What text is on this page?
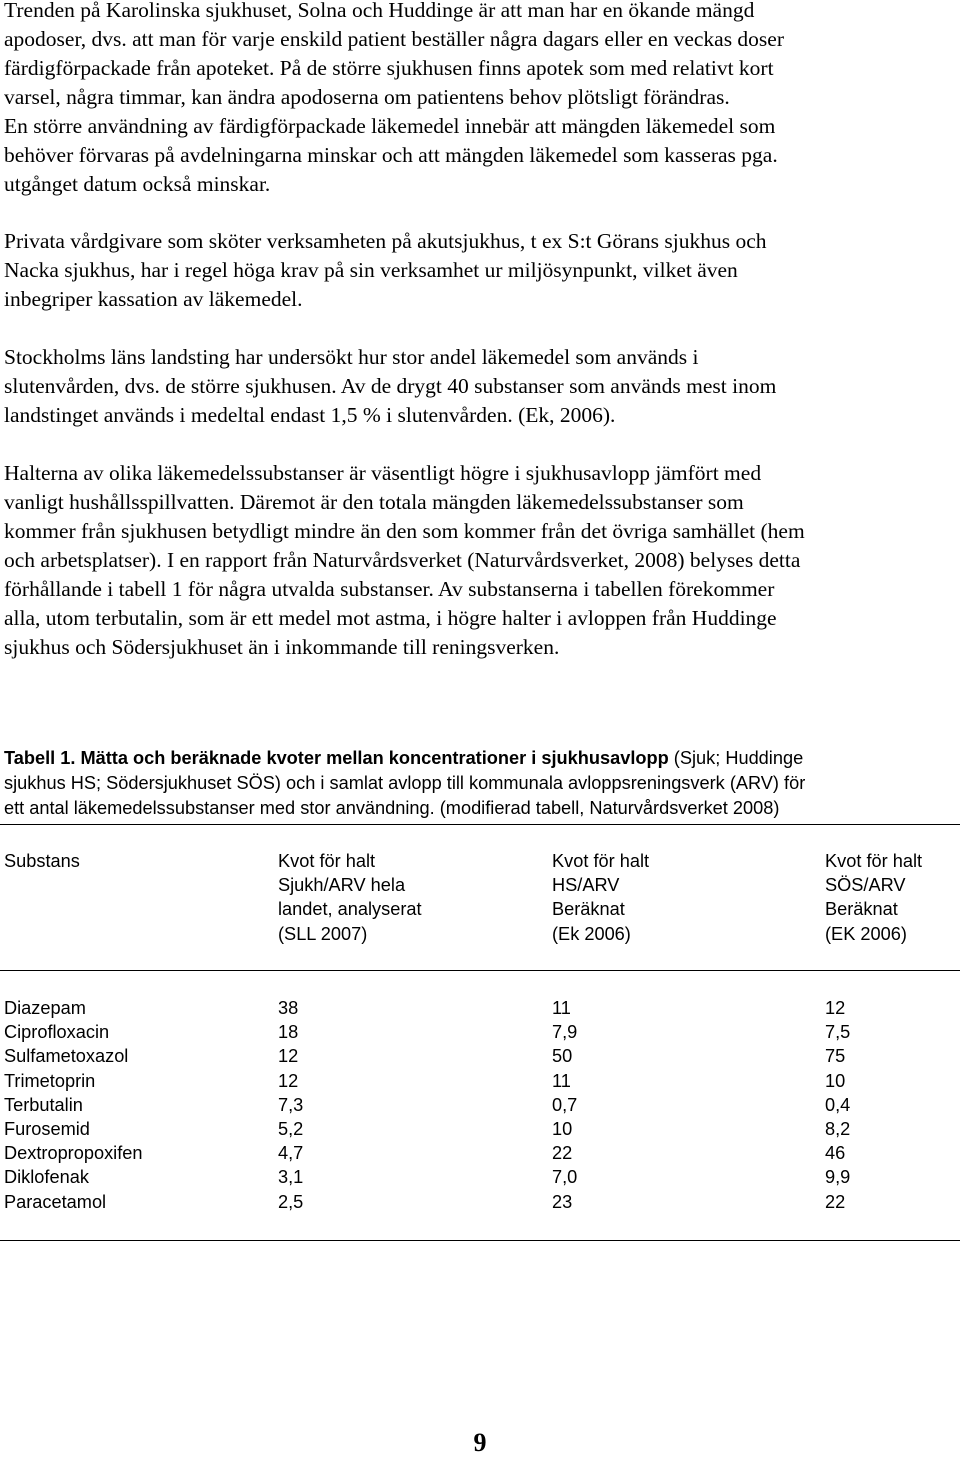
Trenden på Karolinska sjukhuset, Solna och Huddinge är att man har en ökande mängd
apodoser, dvs. att man för varje enskild patient beställer några dagars eller en veckas doser
färdigförpackade från apoteket. På de större sjukhusen finns apotek som med relativt kort
varsel, några timmar, kan ändra apodoserna om patientens behov plötsligt förändras.
En större användning av färdigförpackade läkemedel innebär att mängden läkemedel som
behöver förvaras på avdelningarna minskar och att mängden läkemedel som kasseras pga.
utgånget datum också minskar.

Privata vårdgivare som sköter verksamheten på akutsjukhus, t ex S:t Görans sjukhus och
Nacka sjukhus, har i regel höga krav på sin verksamhet ur miljösynpunkt, vilket även
inbegriper kassation av läkemedel.

Stockholms läns landsting har undersökt hur stor andel läkemedel som används i
slutenvården, dvs. de större sjukhusen. Av de drygt 40 substanser som används mest inom
landstinget används i medeltal endast 1,5 % i slutenvården. (Ek, 2006).

Halterna av olika läkemedelssubstanser är väsentligt högre i sjukhusavlopp jämfört med
vanligt hushållsspillvatten. Däremot är den totala mängden läkemedelssubstanser som
kommer från sjukhusen betydligt mindre än den som kommer från det övriga samhället (hem
och arbetsplatser). I en rapport från Naturvårdsverket (Naturvårdsverket, 2008) belyses detta
förhållande i tabell 1 för några utvalda substanser. Av substanserna i tabellen förekommer
alla, utom terbutalin, som är ett medel mot astma, i högre halter i avloppen från Huddinge
sjukhus och Södersjukhuset än i inkommande till reningsverken.

Tabell 1. Mätta och beräknade kvoter mellan koncentrationer i sjukhusavlopp (Sjuk; Huddinge
sjukhus HS; Södersjukhuset SÖS) och i samlat avlopp till kommunala avloppsreningsverk (ARV) för
ett antal läkemedelssubstanser med stor användning. (modifierad tabell, Naturvårdsverket 2008)

Substans	Kvot för halt
Sjukh/ARV hela
landet, analyserat
(SLL 2007)
Kvot för halt
HS/ARV
Beräknat
(Ek 2006)
Kvot för halt
SÖS/ARV
Beräknat
(EK 2006)
Diazepam
Ciprofloxacin
Sulfametoxazol
Trimetoprin
Terbutalin
Furosemid
Dextropropoxifen
Diklofenak
Paracetamol
38
18
12
12
7,3
5,2
4,7
3,1
2,5
11
7,9
50
11
0,7
10
22
7,0
23
12
7,5
75
10
0,4
8,2
46
9,9
22
9
